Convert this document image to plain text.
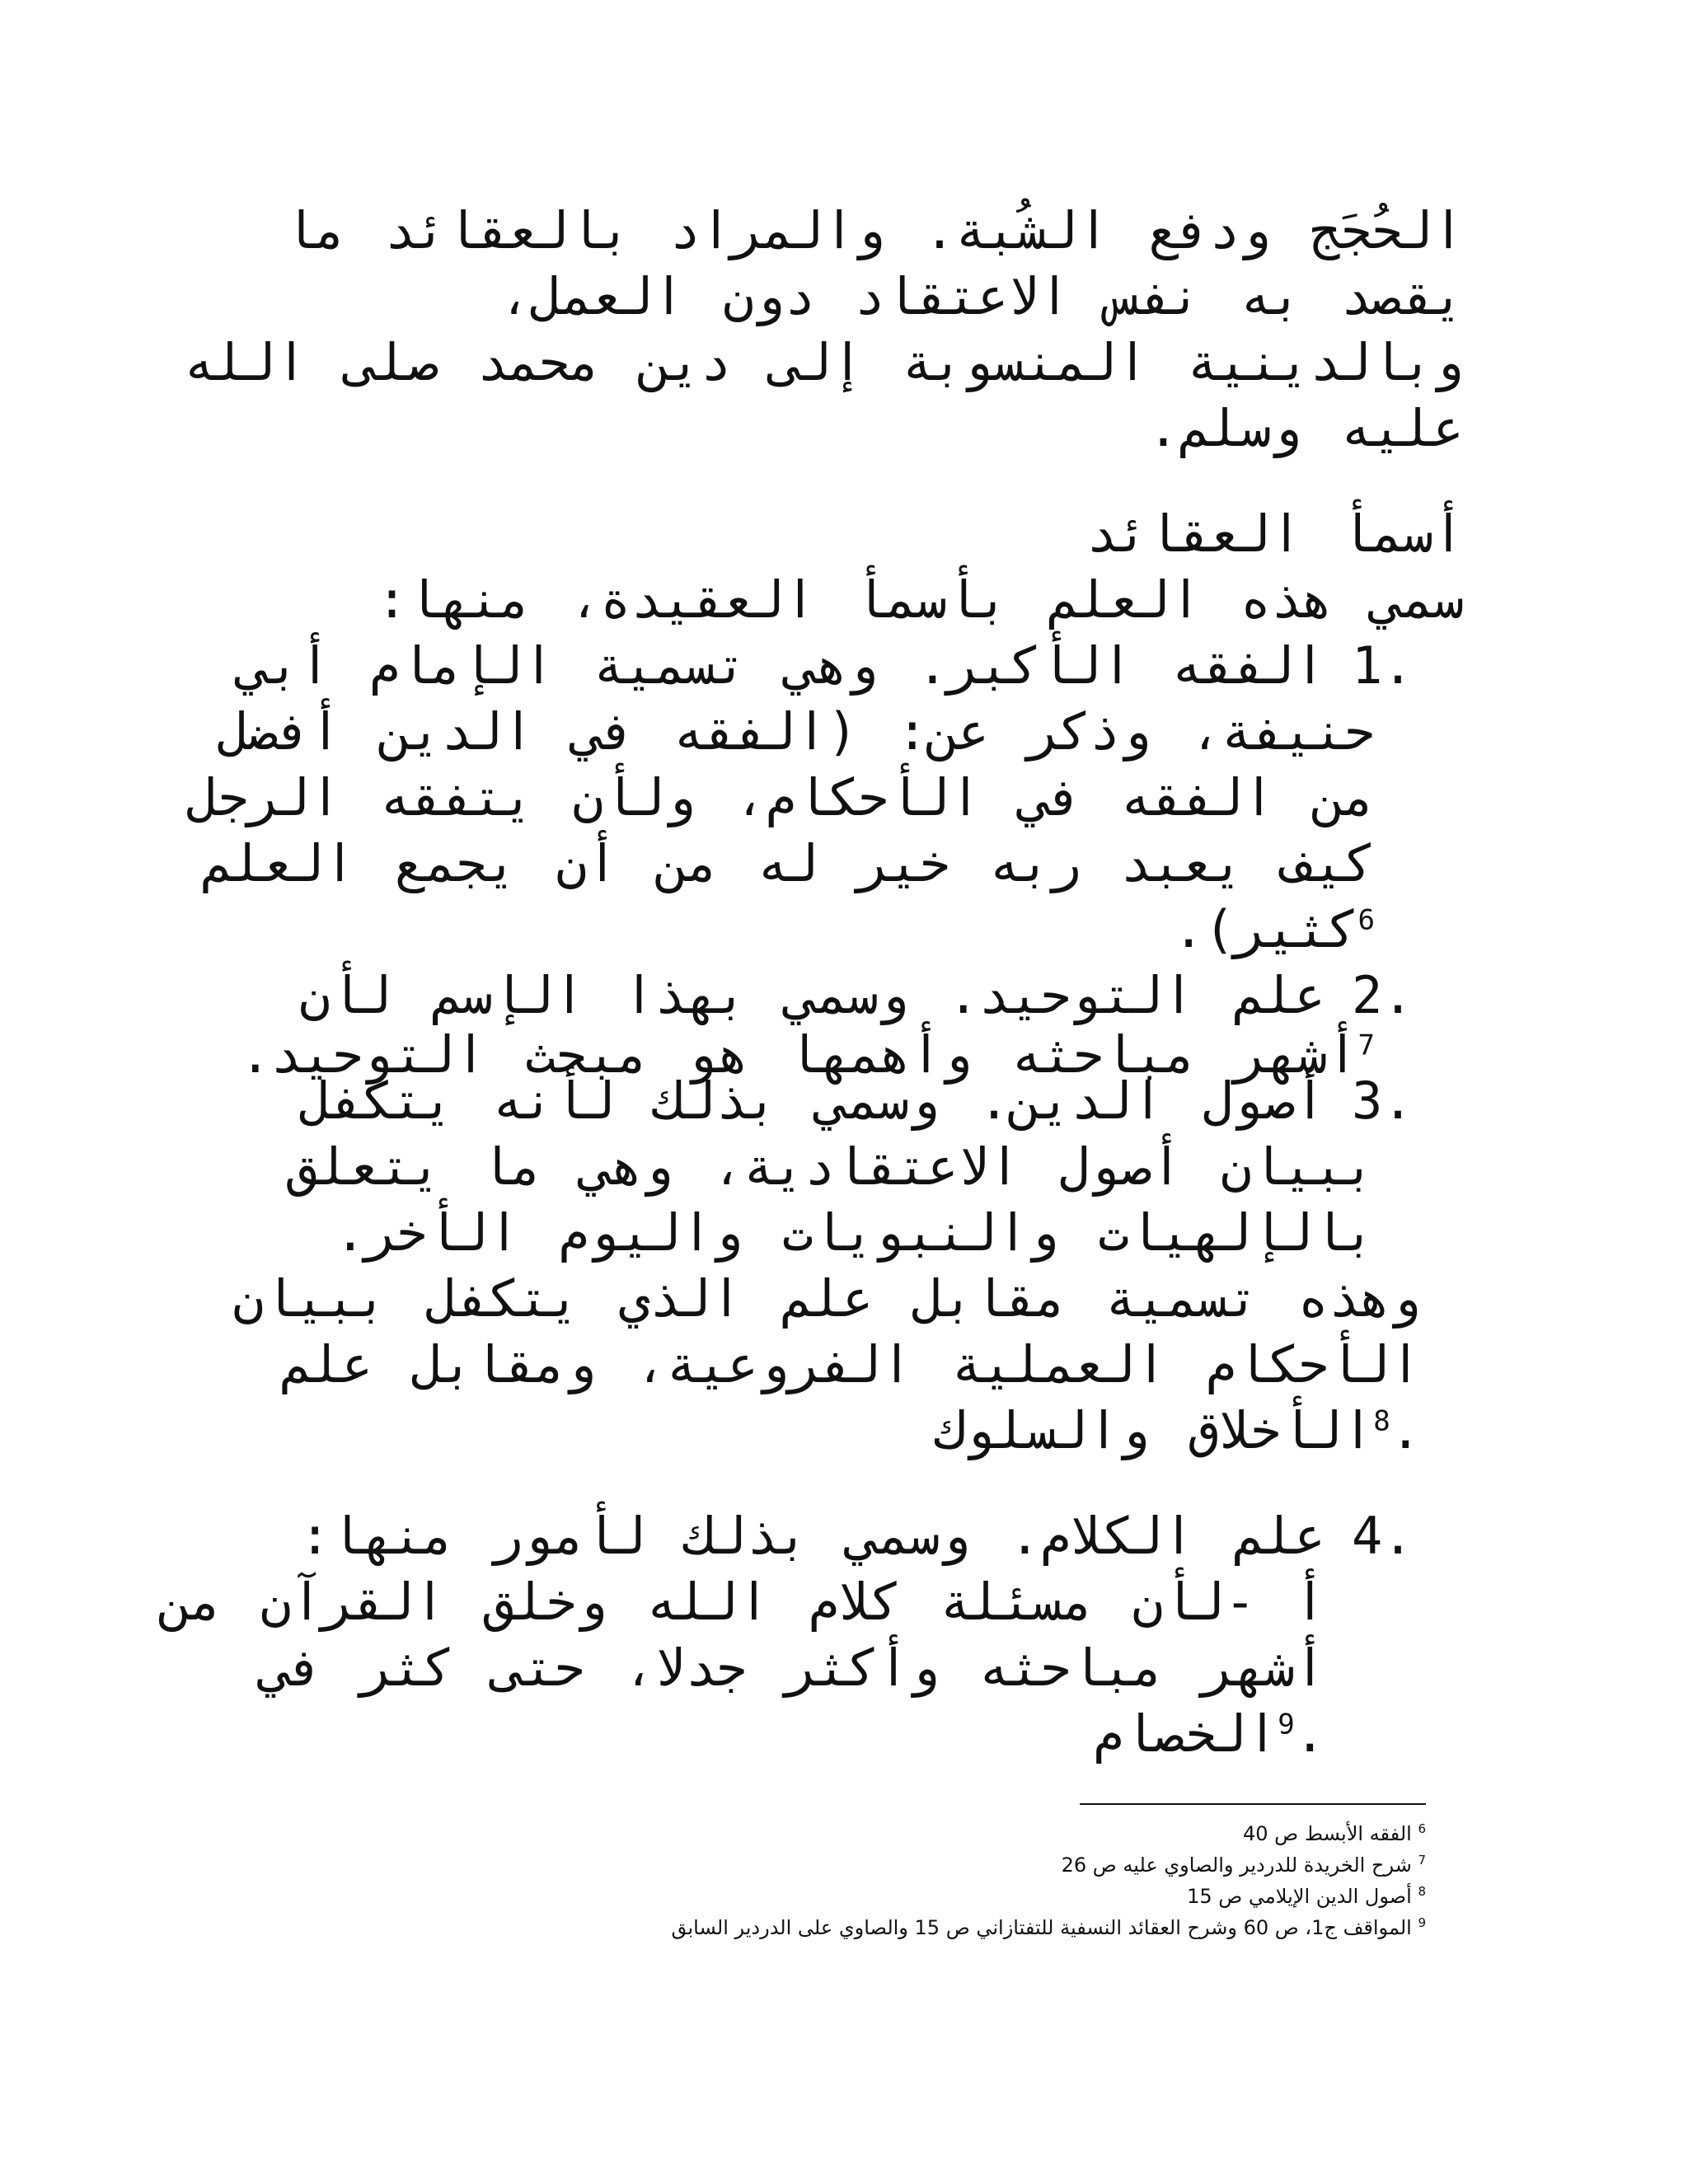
الحُجَج ودفع الشُبة. والمراد بالعقائد ما
يقصد به نفس الاعتقاد دون العمل،
وبالدينية المنسوبة إلى دين محمد صلى الله
عليه وسلم.
أسمأ العقائد
سمي هذه العلم بأسمأ العقيدة، منها:
1.
الفقه الأكبر. وهي تسمية الإمام أبي
حنيفة، وذكر عن: (الفقه في الدين أفضل
من الفقه في الأحكام، ولأن يتفقه الرجل
كيف يعبد ربه خير له من أن يجمع العلم
$^6$كثير).
2.
علم التوحيد. وسمي بهذا الإسم لأن
$^7$أشهر مباحثه وأهمها هو مبحث التوحيد.
3.
أصول الدين. وسمي بذلك لأنه يتكفل
ببيان أصول الاعتقادية، وهي ما يتعلق
بالإلهيات والنبويات واليوم الأخر.
وهذه تسمية مقابل علم الذي يتكفل ببيان
الأحكام العملية الفروعية، ومقابل علم
.$^8$الأخلاق والسلوك
4.
علم الكلام. وسمي بذلك لأمور منها:
أ -لأن مسئلة كلام الله وخلق القرآن من
أشهر مباحثه وأكثر جدلا، حتى كثر في
.$^9$الخصام
$^6$ الفقه الأبسط ص 40
$^7$ شرح الخريدة للدردير والصاوي عليه ص 26
$^8$ أصول الدين الإيلامي ص 15
$^9$ المواقف ج1، ص 60 وشرح العقائد النسفية للتفتازاني ص 15 والصاوي على الدردير السابق
